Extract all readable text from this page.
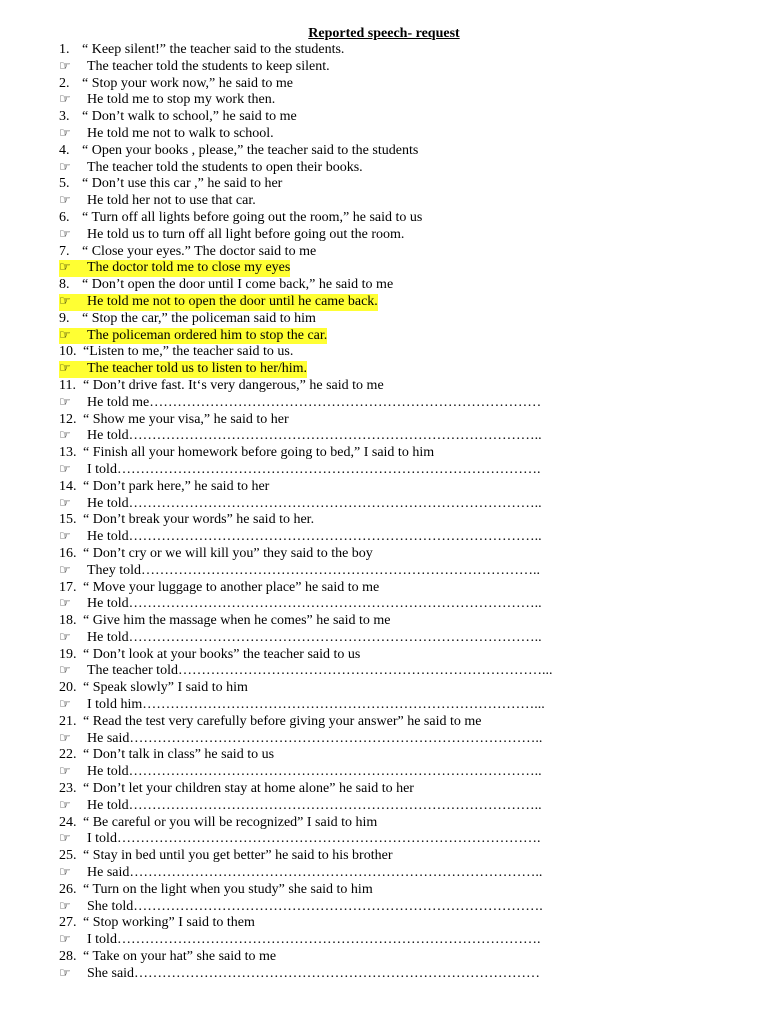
Reported speech- request
1. “ Keep silent!” the teacher said to the students.
☞ The teacher told the students to keep silent.
2. “ Stop your work now,” he said to me
☞ He told me to stop my work then.
3. “ Don’t walk to school,” he said to me
☞ He told me not to walk to school.
4. “ Open your books , please,” the teacher said to the students
☞ The teacher told the students to open their books.
5. “ Don’t use this car ,” he said to her
☞ He told her not to use that car.
6. “ Turn off all lights before going out the room,” he said to us
☞ He told us to turn off all light before going out the room.
7. “ Close your eyes.” The doctor said to me
☞	The doctor told me to close my eyes
8. “ Don’t open the door until I come back,” he said to me
☞	He told me not to open the door until he came back.
9. “ Stop the car,” the policeman said to him
☞	The policeman ordered him to stop the car.
10. “Listen to me,” the teacher said to us.
☞	The teacher told us to listen to her/him.
11. “ Don’t drive fast. It‘s very dangerous,” he said to me
☞ He told me…………………………………………………………………………
12. “ Show me your visa,” he said to her
☞ He told……………………………………………………………………………..
13. “ Finish all your homework before going to bed,” I said to him
☞ I told……………………………………………………………………………….
14. “ Don’t park here,” he said to her
☞ He told……………………………………………………………………………..
15. “ Don’t break your words” he said to her.
☞ He told……………………………………………………………………………..
16. “ Don’t cry or we will kill you” they said to the boy
☞ They told…………………………………………………………………………..
17. “ Move your luggage to another place” he said to me
☞ He told……………………………………………………………………………..
18. “ Give him the massage when he comes” he said to me
☞ He told……………………………………………………………………………..
19. “ Don’t look at your books” the teacher said to us
☞ The teacher told……………………………………………………………………...
20. “ Speak slowly” I said to him
☞ I told him…………………………………………………………………………...
21. “ Read the test very carefully before giving your answer” he said to me
☞ He said……………………………………………………………………………..
22. “ Don’t talk in class” he said to us
☞ He told……………………………………………………………………………..
23. “ Don’t let your children stay at home alone” he said to her
☞ He told……………………………………………………………………………..
24. “ Be careful or you will be recognized” I said to him
☞ I told……………………………………………………………………………….
25. “ Stay in bed until you get better” he said to his brother
☞ He said……………………………………………………………………………..
26. “ Turn on the light when you study” she said to him
☞ She told…………………………………………………………………………….
27. “ Stop working” I said to them
☞ I told……………………………………………………………………………….
28. “ Take on your hat” she said to me
☞ She said……………………………………………………………………………
